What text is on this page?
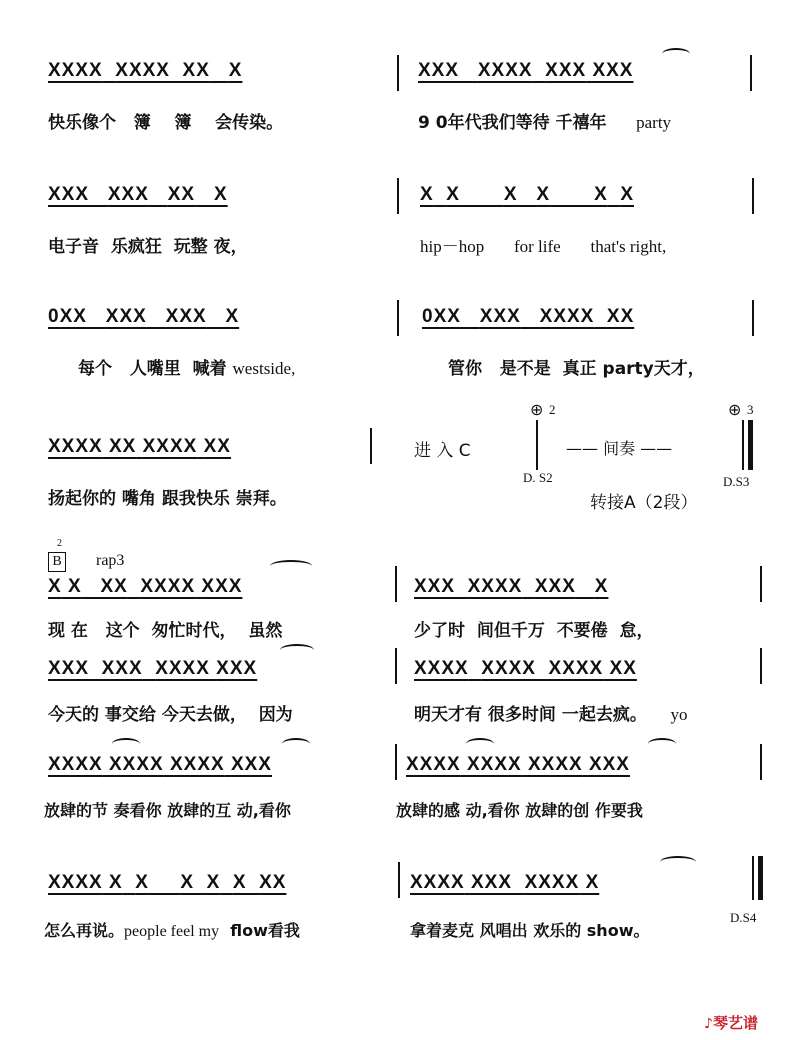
XXXX XXXX XX X	XXX XXXX XXX XXX
快乐像个 簿 簿 会传染。	9 0年代我们等待 千禧年 party
XXX XXX XX X	X X X X X X
电子音 乐疯狂 玩整 夜，	hip－hop for life that's right,
0XX XXX XXX X	0XX XXX XXXX XX
每个 人嘴里 喊着 westside,	管你 是不是 真正 party天才，
XXXX XX XXXX XX	进 入 C
⊕ 2
—— 间奏 ——
⊕ 3
D. S2	D.S3
扬起你的 嘴角 跟我快乐 崇拜。	转接A（2段）
B
2
rap3
X X XX XXXX XXX	XXX XXXX XXX X
现 在 这个 匆忙时代， 虽然	少了时 间但千万 不要倦 怠，
XXX XXX XXXX XXX	XXXX XXXX XXXX XX
今天的 事交给 今天去做， 因为	明天才有 很多时间 一起去疯。 yo
XXXX XXXX XXXX XXX	XXXX XXXX XXXX XXX
放肆的节 奏看你 放肆的互 动,看你	放肆的感 动,看你 放肆的创 作要我
XXXX X X X X X XX	XXXX XXX XXXX X
D.S4
怎么再说。people feel my flow看我	拿着麦克 风唱出 欢乐的 show。
♪琴艺谱
